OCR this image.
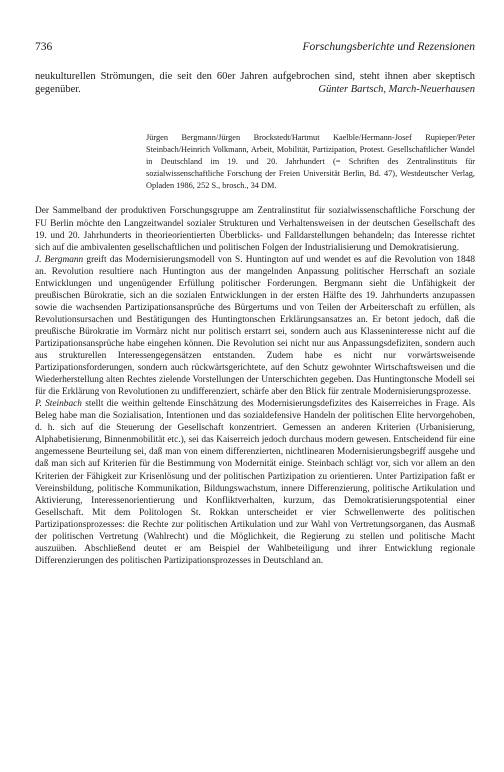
736	Forschungsberichte und Rezensionen
neukulturellen Strömungen, die seit den 60er Jahren aufgebrochen sind, steht ihnen aber skeptisch gegenüber.	Günter Bartsch, March-Neuerhausen
Jürgen Bergmann/Jürgen Brockstedt/Hartmut Kaelble/Hermann-Josef Rupieper/Peter Steinbach/Heinrich Volkmann, Arbeit, Mobilität, Partizipation, Protest. Gesellschaftlicher Wandel in Deutschland im 19. und 20. Jahrhundert (= Schriften des Zentralinstituts für sozialwissenschaftliche Forschung der Freien Universität Berlin, Bd. 47), Westdeutscher Verlag, Opladen 1986, 252 S., brosch., 34 DM.

Der Sammelband der produktiven Forschungsgruppe am Zentralinstitut für sozialwissenschaftliche Forschung der FU Berlin möchte den Langzeitwandel sozialer Strukturen und Verhaltensweisen in der deutschen Gesellschaft des 19. und 20. Jahrhunderts in theorieorientierten Überblicks- und Falldarstellungen behandeln; das Interesse richtet sich auf die ambivalenten gesellschaftlichen und politischen Folgen der Industrialisierung und Demokratisierung.

J. Bergmann greift das Modernisierungsmodell von S. Huntington auf und wendet es auf die Revolution von 1848 an. Revolution resultiere nach Huntington aus der mangelnden Anpassung politischer Herrschaft an soziale Entwicklungen und ungenügender Erfüllung politischer Forderungen. Bergmann sieht die Unfähigkeit der preußischen Bürokratie, sich an die sozialen Entwicklungen in der ersten Hälfte des 19. Jahrhunderts anzupassen sowie die wachsenden Partizipationsansprüche des Bürgertums und von Teilen der Arbeiterschaft zu erfüllen, als Revolutionsursachen und Bestätigungen des Huntingtonschen Erklärungsansatzes an. Er betont jedoch, daß die preußische Bürokratie im Vormärz nicht nur politisch erstarrt sei, sondern auch aus Klasseninteresse nicht auf die Partizipationsansprüche habe eingehen können. Die Revolution sei nicht nur aus Anpassungsdefiziten, sondern auch aus strukturellen Interessengegensätzen entstanden. Zudem habe es nicht nur vorwärtsweisende Partizipationsforderungen, sondern auch rückwärtsgerichtete, auf den Schutz gewohnter Wirtschaftsweisen und die Wiederherstellung alten Rechtes zielende Vorstellungen der Unterschichten gegeben. Das Huntingtonsche Modell sei für die Erklärung von Revolutionen zu undifferenziert, schärfe aber den Blick für zentrale Modernisierungsprozesse.

P. Steinbach stellt die weithin geltende Einschätzung des Modernisierungsdefizites des Kaiserreiches in Frage. Als Beleg habe man die Sozialisation, Intentionen und das sozialdefensive Handeln der politischen Elite hervorgehoben, d. h. sich auf die Steuerung der Gesellschaft konzentriert. Gemessen an anderen Kriterien (Urbanisierung, Alphabetisierung, Binnenmobilität etc.), sei das Kaiserreich jedoch durchaus modern gewesen. Entscheidend für eine angemessene Beurteilung sei, daß man von einem differenzierten, nichtlinearen Modernisierungsbegriff ausgehe und daß man sich auf Kriterien für die Bestimmung von Modernität einige. Steinbach schlägt vor, sich vor allem an den Kriterien der Fähigkeit zur Krisenlösung und der politischen Partizipation zu orientieren. Unter Partizipation faßt er Vereinsbildung, politische Kommunikation, Bildungswachstum, innere Differenzierung, politische Artikulation und Aktivierung, Interessenorientierung und Konfliktverhalten, kurzum, das Demokratisierungspotential einer Gesellschaft. Mit dem Politologen St. Rokkan unterscheidet er vier Schwellenwerte des politischen Partizipationsprozesses: die Rechte zur politischen Artikulation und zur Wahl von Vertretungsorganen, das Ausmaß der politischen Vertretung (Wahlrecht) und die Möglichkeit, die Regierung zu stellen und politische Macht auszuüben. Abschließend deutet er am Beispiel der Wahlbeteiligung und ihrer Entwicklung regionale Differenzierungen des politischen Partizipationsprozesses in Deutschland an.
